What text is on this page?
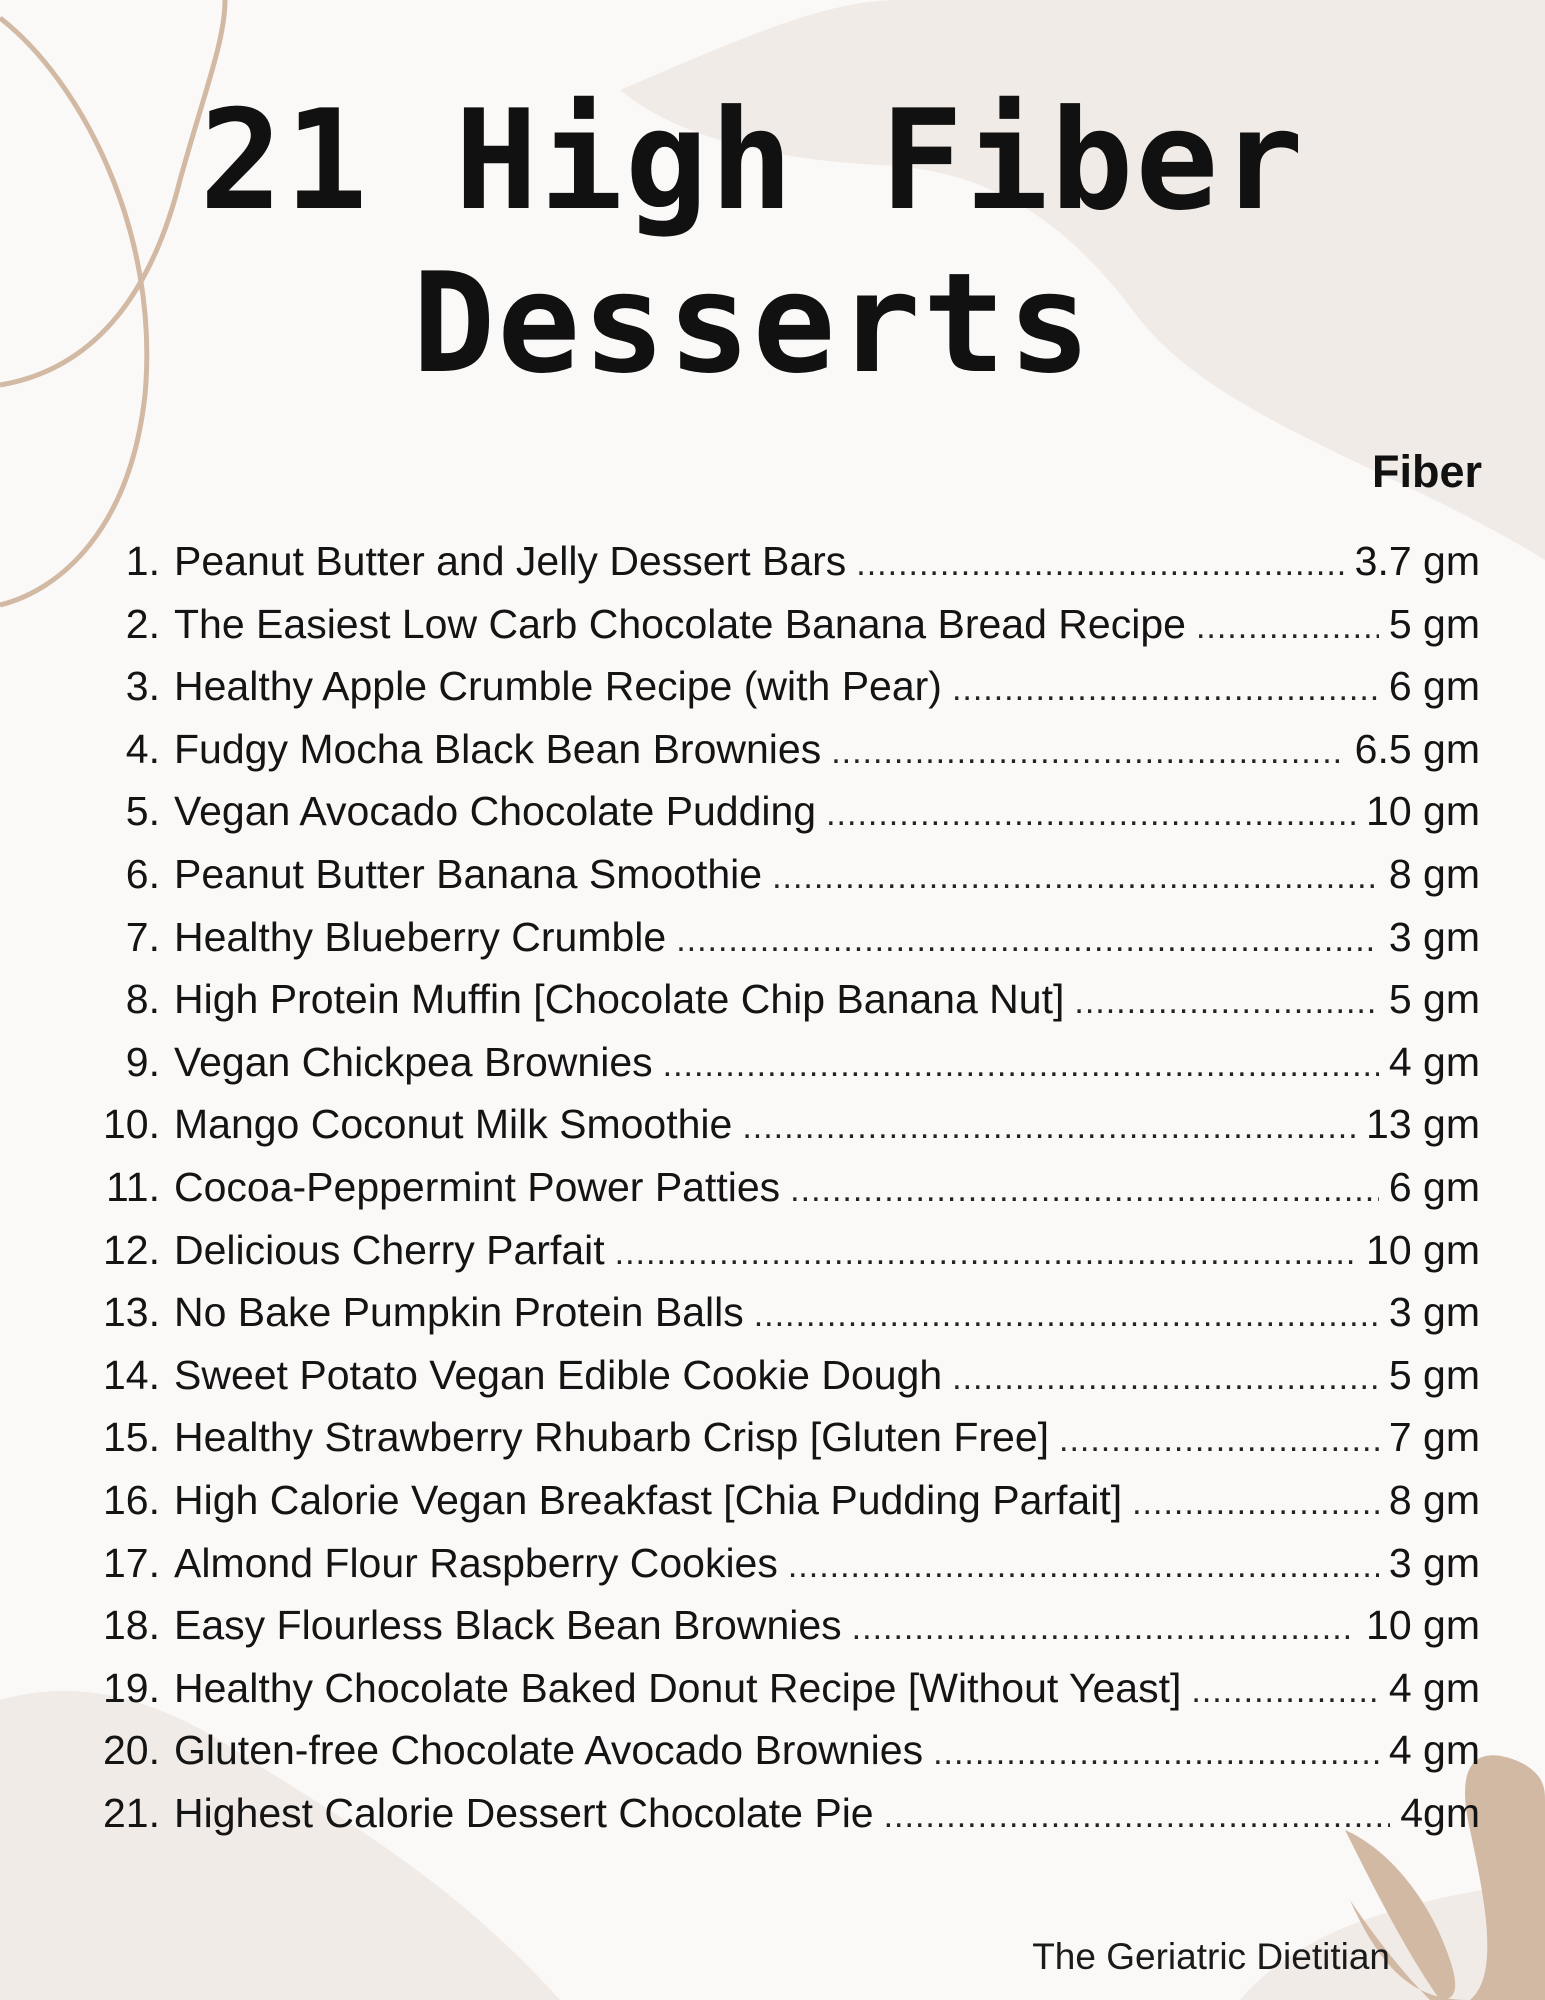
21 High Fiber
Desserts
Fiber
1. Peanut Butter and Jelly Dessert Bars .....	3.7 gm
2. The Easiest Low Carb Chocolate Banana Bread Recipe .....	5 gm
3. Healthy Apple Crumble Recipe (with Pear) .....	6 gm
4. Fudgy Mocha Black Bean Brownies .....	6.5 gm
5. Vegan Avocado Chocolate Pudding .....	10 gm
6. Peanut Butter Banana Smoothie .....	8 gm
7. Healthy Blueberry Crumble .....	3 gm
8. High Protein Muffin [Chocolate Chip Banana Nut] .....	5 gm
9. Vegan Chickpea Brownies .....	4 gm
10. Mango Coconut Milk Smoothie .....	13 gm
11. Cocoa-Peppermint Power Patties .....	6 gm
12. Delicious Cherry Parfait .....	10 gm
13. No Bake Pumpkin Protein Balls .....	3 gm
14. Sweet Potato Vegan Edible Cookie Dough .....	5 gm
15. Healthy Strawberry Rhubarb Crisp [Gluten Free] .....	7 gm
16. High Calorie Vegan Breakfast [Chia Pudding Parfait] .....	8 gm
17. Almond Flour Raspberry Cookies .....	3 gm
18. Easy Flourless Black Bean Brownies .....	10 gm
19. Healthy Chocolate Baked Donut Recipe [Without Yeast] .....	4 gm
20. Gluten-free Chocolate Avocado Brownies .....	4 gm
21. Highest Calorie Dessert Chocolate Pie .....	4gm
The Geriatric Dietitian
